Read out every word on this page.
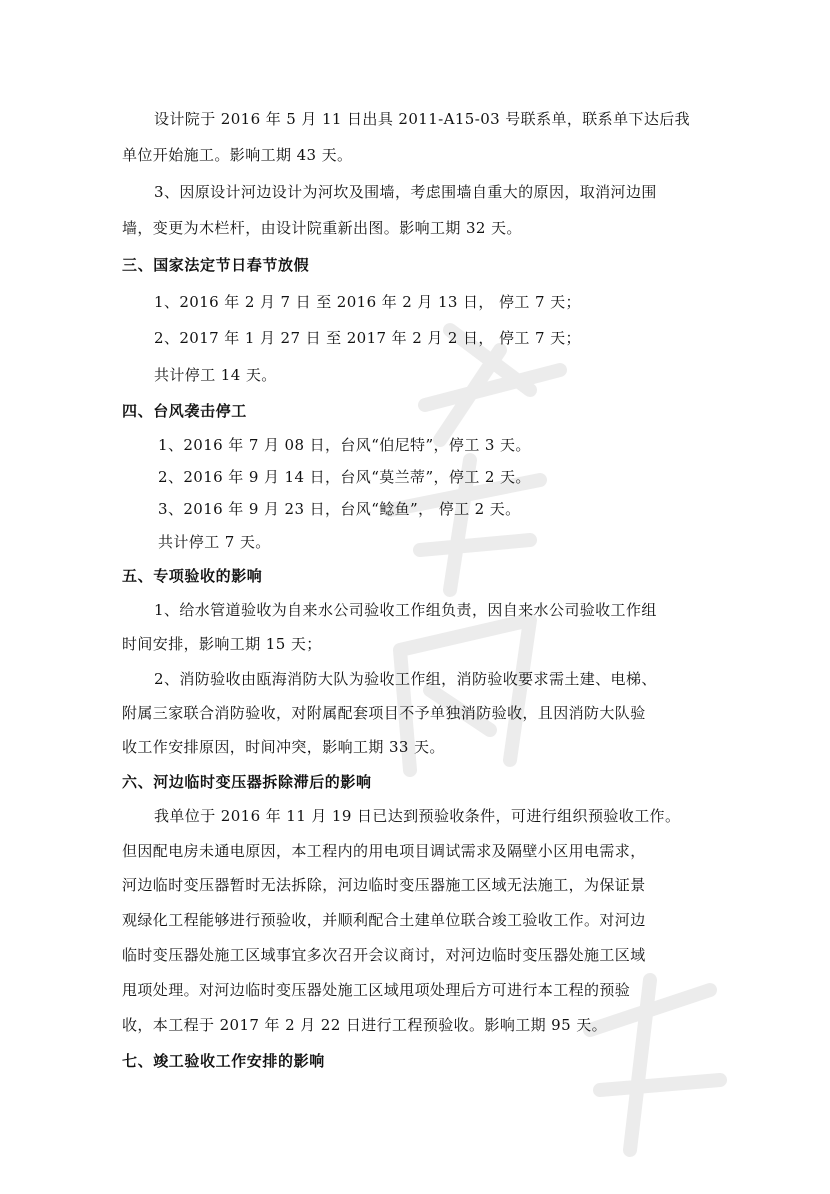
设计院于 2016 年 5 月 11 日出具 2011-A15-03 号联系单，联系单下达后我
单位开始施工。影响工期 43 天。
3、因原设计河边设计为河坎及围墙，考虑围墙自重大的原因，取消河边围
墙，变更为木栏杆，由设计院重新出图。影响工期 32 天。
三、国家法定节日春节放假
1、2016 年 2 月 7 日 至 2016 年 2 月 13 日， 停工 7 天；
2、2017 年 1 月 27 日 至 2017 年 2 月 2 日， 停工 7 天；
共计停工 14 天。
四、台风袭击停工
1、2016 年 7 月 08 日，台风“伯尼特”，停工 3 天。
2、2016 年 9 月 14 日，台风“莫兰蒂”，停工 2 天。
3、2016 年 9 月 23 日，台风“鲶鱼”， 停工 2 天。
共计停工 7 天。
五、专项验收的影响
1、给水管道验收为自来水公司验收工作组负责，因自来水公司验收工作组
时间安排，影响工期 15 天；
2、消防验收由瓯海消防大队为验收工作组，消防验收要求需土建、电梯、
附属三家联合消防验收，对附属配套项目不予单独消防验收，且因消防大队验
收工作安排原因，时间冲突，影响工期 33 天。
六、河边临时变压器拆除滞后的影响
我单位于 2016 年 11 月 19 日已达到预验收条件，可进行组织预验收工作。
但因配电房未通电原因，本工程内的用电项目调试需求及隔壁小区用电需求，
河边临时变压器暂时无法拆除，河边临时变压器施工区域无法施工，为保证景
观绿化工程能够进行预验收，并顺利配合土建单位联合竣工验收工作。对河边
临时变压器处施工区域事宜多次召开会议商讨，对河边临时变压器处施工区域
甩项处理。对河边临时变压器处施工区域甩项处理后方可进行本工程的预验
收，本工程于 2017 年 2 月 22 日进行工程预验收。影响工期 95 天。
七、竣工验收工作安排的影响
